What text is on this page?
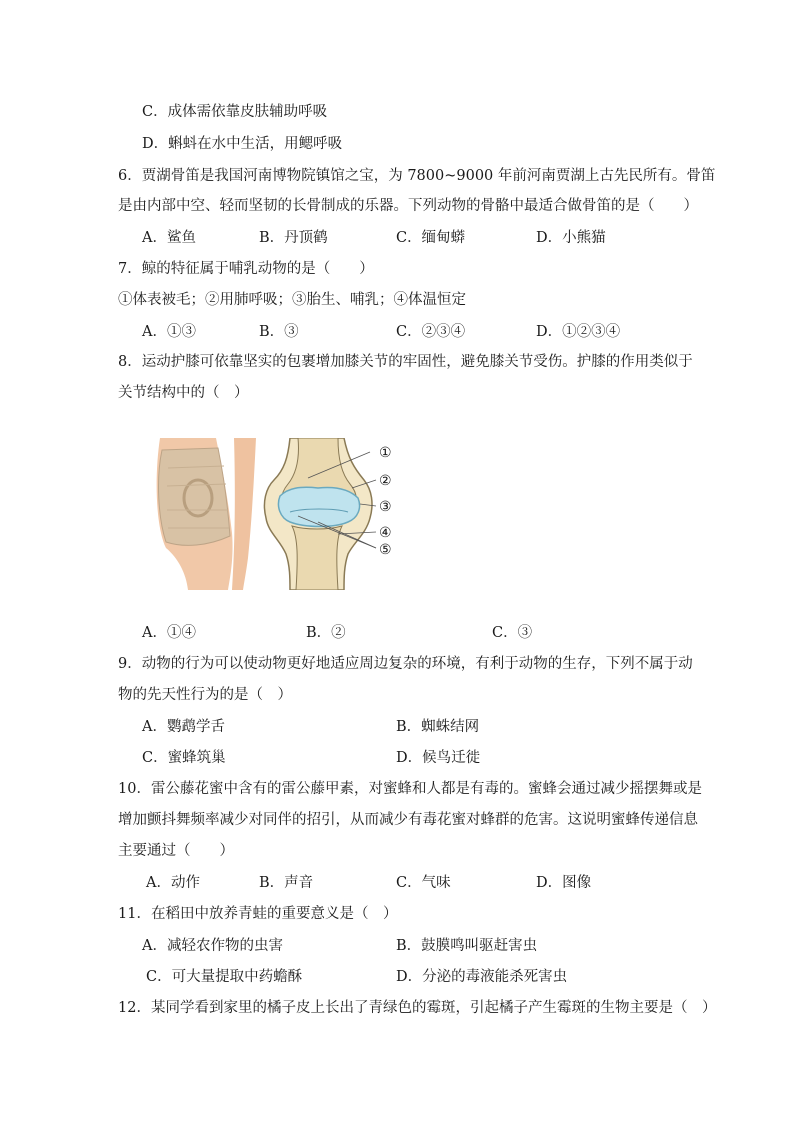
C．成体需依靠皮肤辅助呼吸
D．蝌蚪在水中生活，用鳃呼吸
6．贾湖骨笛是我国河南博物院镇馆之宝，为 7800~9000 年前河南贾湖上古先民所有。骨笛
是由内部中空、轻而坚韧的长骨制成的乐器。下列动物的骨骼中最适合做骨笛的是（　　）
A．鲨鱼	B．丹顶鹤	C．缅甸蟒	D．小熊猫
7．鲸的特征属于哺乳动物的是（　　）
①体表被毛；②用肺呼吸；③胎生、哺乳；④体温恒定
A．①③	B．③	C．②③④	D．①②③④
8．运动护膝可依靠坚实的包裹增加膝关节的牢固性，避免膝关节受伤。护膝的作用类似于
关节结构中的（　）
①
②
③
④
⑤
A．①④	B．②	C．③
9．动物的行为可以使动物更好地适应周边复杂的环境，有利于动物的生存，下列不属于动
物的先天性行为的是（　）
A．鹦鹉学舌	B．蜘蛛结网
C．蜜蜂筑巢	D．候鸟迁徙
10．雷公藤花蜜中含有的雷公藤甲素，对蜜蜂和人都是有毒的。蜜蜂会通过减少摇摆舞或是
增加颤抖舞频率减少对同伴的招引，从而减少有毒花蜜对蜂群的危害。这说明蜜蜂传递信息
主要通过（　　）
A．动作	B．声音	C．气味	D．图像
11．在稻田中放养青蛙的重要意义是（　）
A．减轻农作物的虫害	B．鼓膜鸣叫驱赶害虫
C．可大量提取中药蟾酥	D．分泌的毒液能杀死害虫
12．某同学看到家里的橘子皮上长出了青绿色的霉斑，引起橘子产生霉斑的生物主要是（　）
